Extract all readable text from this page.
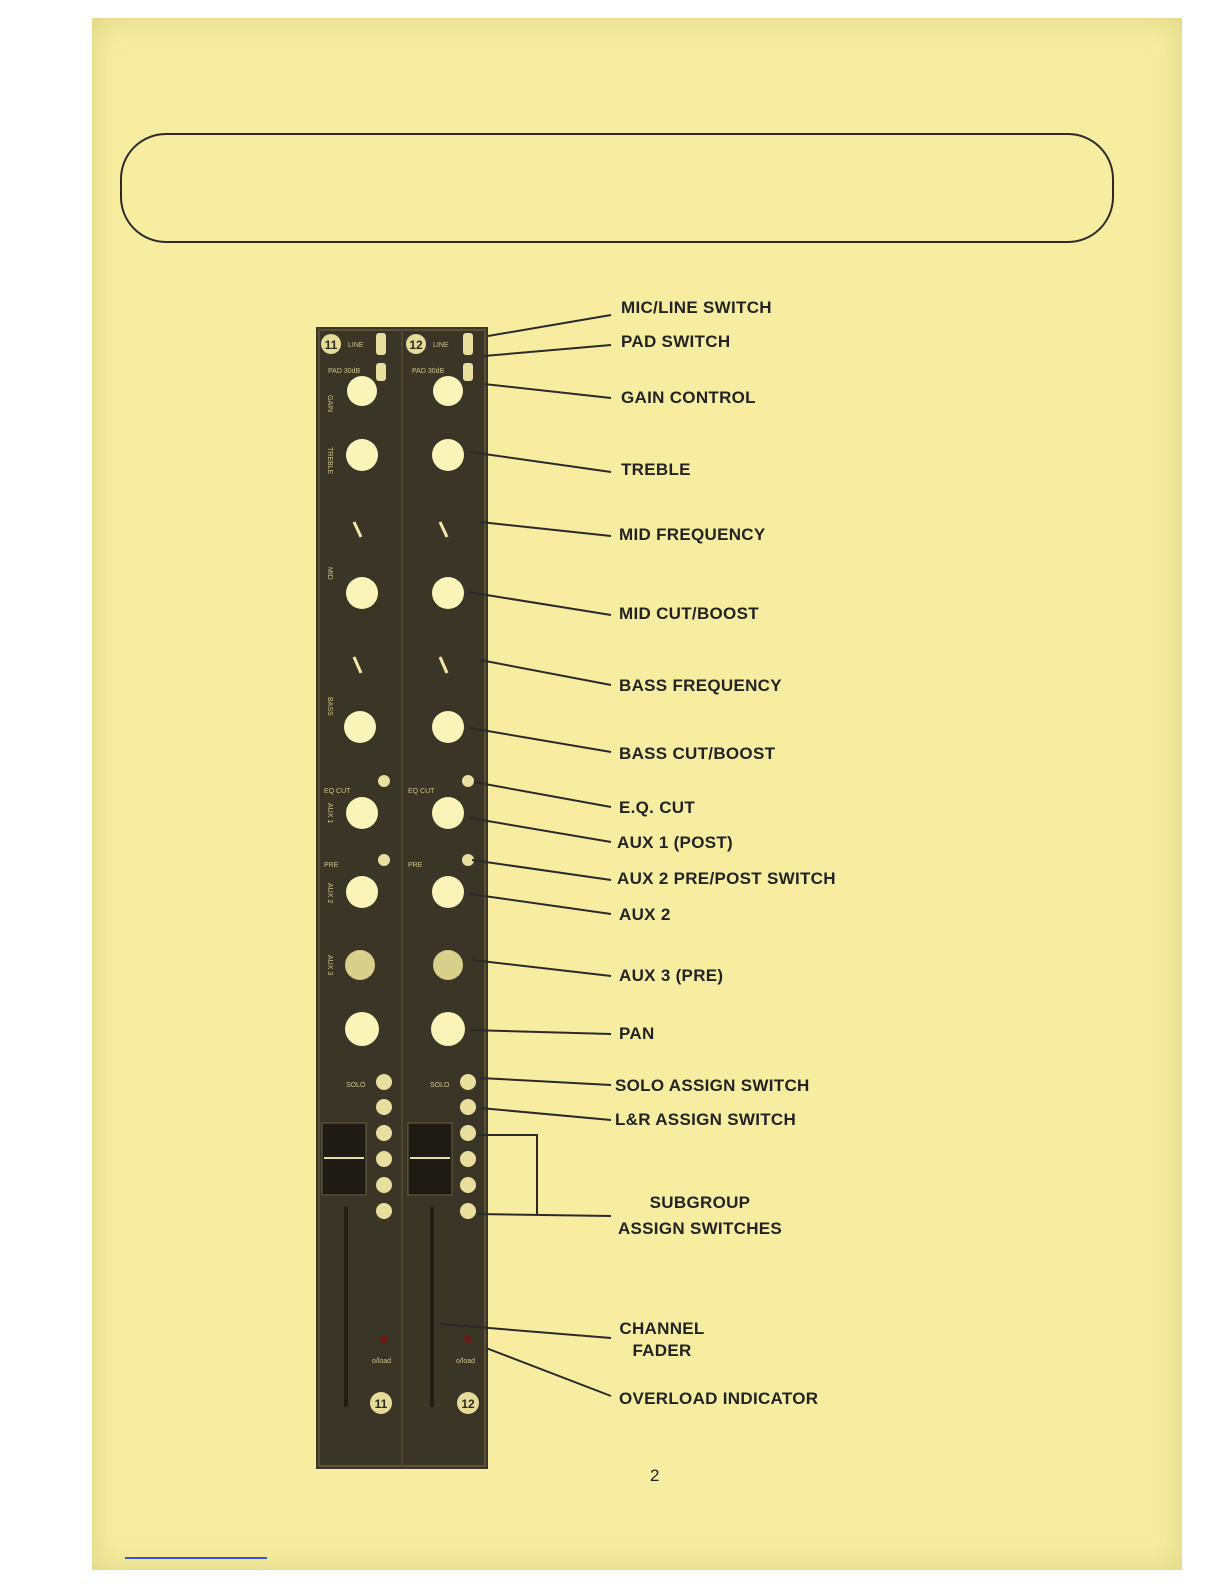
11 LINE
PAD 30dB
EQ CUT
PRE
SOLO
o/load
11
12 LINE
PAD 30dB
EQ CUT
PRE
SOLO
o/load
12
GAIN
TREBLE
MID
BASS
AUX 1
AUX 2
AUX 3
MIC/LINE SWITCH
PAD SWITCH
GAIN CONTROL
TREBLE
MID FREQUENCY
MID CUT/BOOST
BASS FREQUENCY
BASS CUT/BOOST
E.Q. CUT
AUX 1 (POST)
AUX 2 PRE/POST SWITCH
AUX 2
AUX 3 (PRE)
PAN
SOLO ASSIGN SWITCH
L&R ASSIGN SWITCH
SUBGROUP
ASSIGN SWITCHES
CHANNEL
FADER
OVERLOAD INDICATOR
2
